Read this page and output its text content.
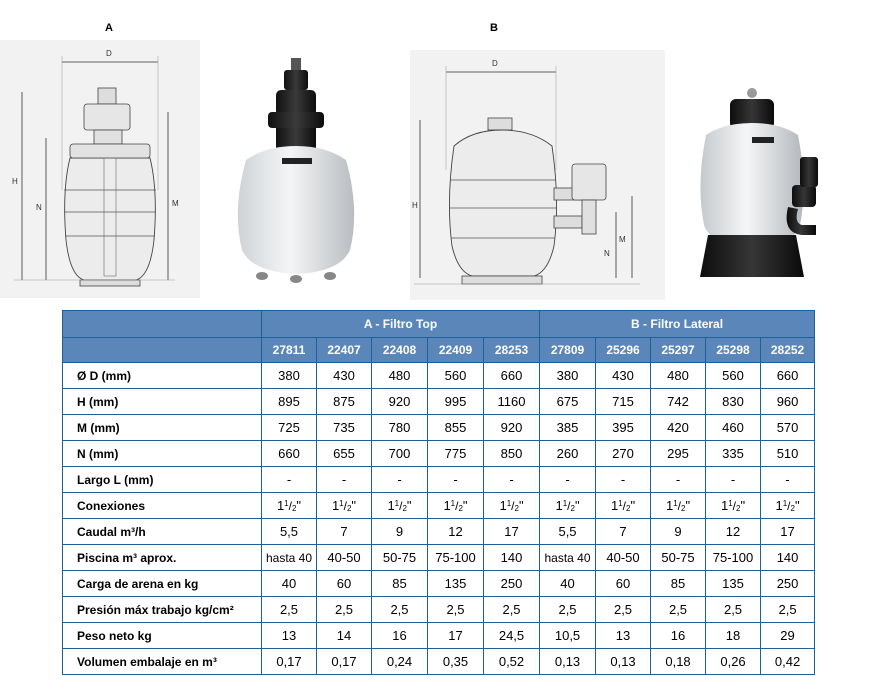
A	B
D
H
N	M
D
H
M
N
	A - Filtro Top					B - Filtro Lateral				
	27811	22407	22408	22409	28253	27809	25296	25297	25298	28252
Ø D (mm)	380	430	480	560	660	380	430	480	560	660
H (mm)	895	875	920	995	1160	675	715	742	830	960
M (mm)	725	735	780	855	920	385	395	420	460	570
N (mm)	660	655	700	775	850	260	270	295	335	510
Largo L (mm)	-	-	-	-	-	-	-	-	-	-
Conexiones	$1^1/_2$"	$1^1/_2$"	$1^1/_2$"	$1^1/_2$"	$1^1/_2$"	$1^1/_2$"	$1^1/_2$"	$1^1/_2$"	$1^1/_2$"	$1^1/_2$"
Caudal m³/h	5,5	7	9	12	17	5,5	7	9	12	17
Piscina m³ aprox.	hasta 40	40-50	50-75	75-100	140	hasta 40	40-50	50-75	75-100	140
Carga de arena en kg	40	60	85	135	250	40	60	85	135	250
Presión máx trabajo kg/cm²	2,5	2,5	2,5	2,5	2,5	2,5	2,5	2,5	2,5	2,5
Peso neto kg	13	14	16	17	24,5	10,5	13	16	18	29
Volumen embalaje en m³	0,17	0,17	0,24	0,35	0,52	0,13	0,13	0,18	0,26	0,42
